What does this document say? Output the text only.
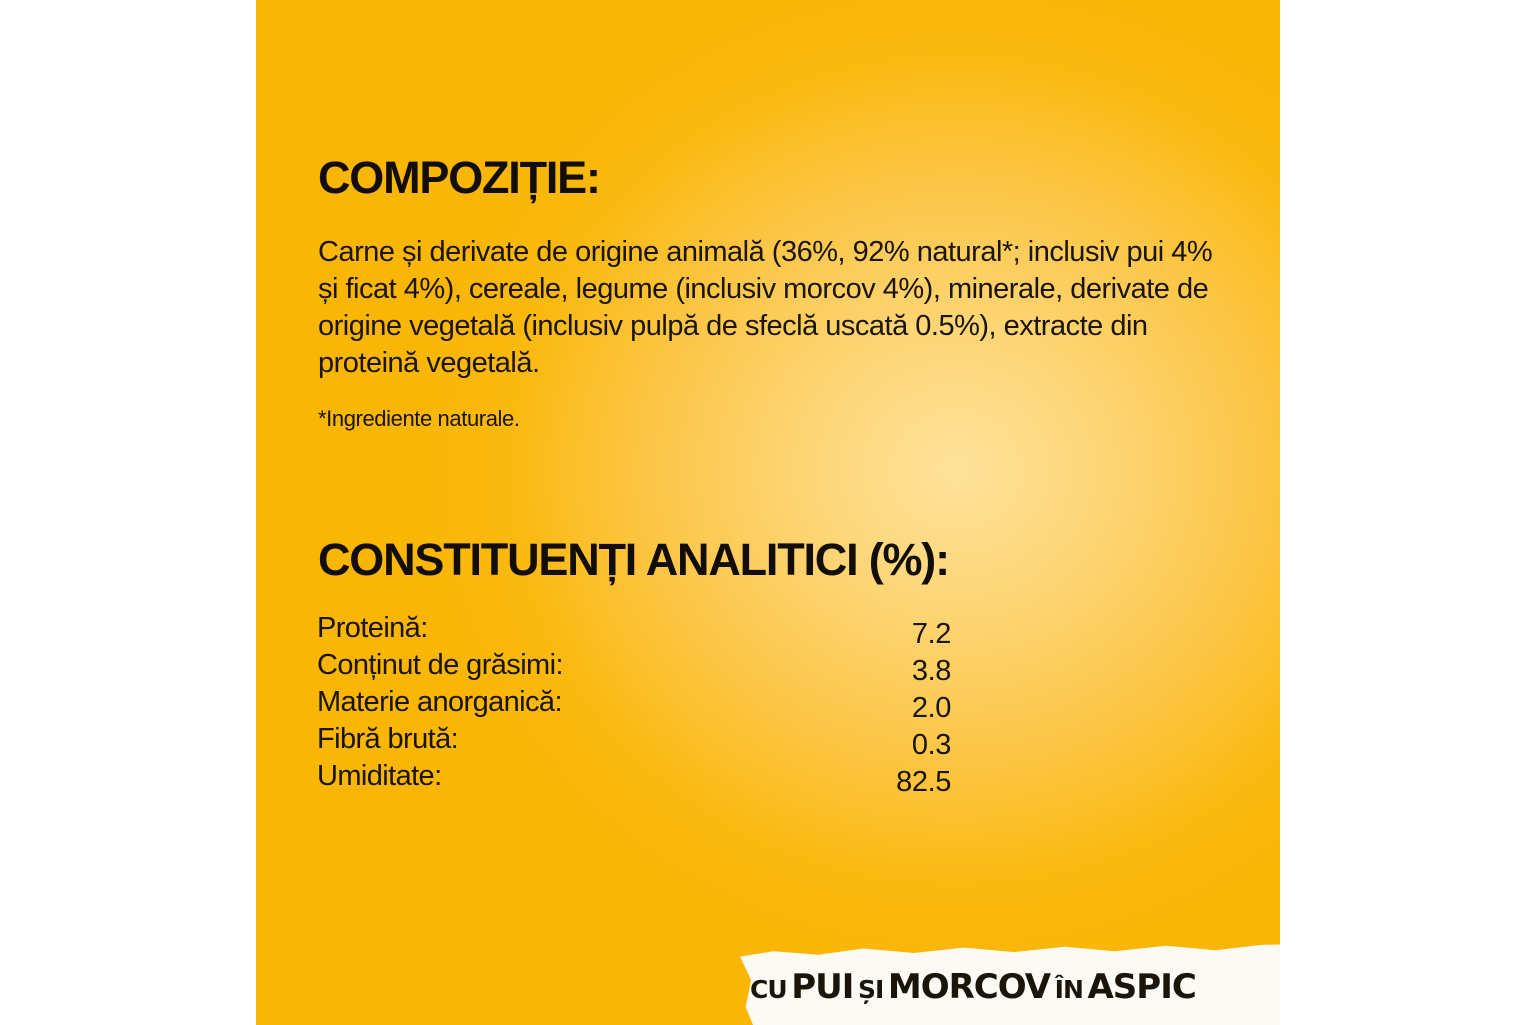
COMPOZIȚIE:

Carne și derivate de origine animală (36%, 92% natural*; inclusiv pui 4% și ficat 4%), cereale, legume (inclusiv morcov 4%), minerale, derivate de origine vegetală (inclusiv pulpă de sfeclă uscată 0.5%), extracte din proteină vegetală.

*Ingrediente naturale.

CONSTITUENȚI ANALITICI (%):
Proteină:	7.2
Conținut de grăsimi:	3.8
Materie anorganică:	2.0
Fibră brută:	0.3
Umiditate:	82.5
CU PUI ȘI MORCOV ÎN ASPIC
